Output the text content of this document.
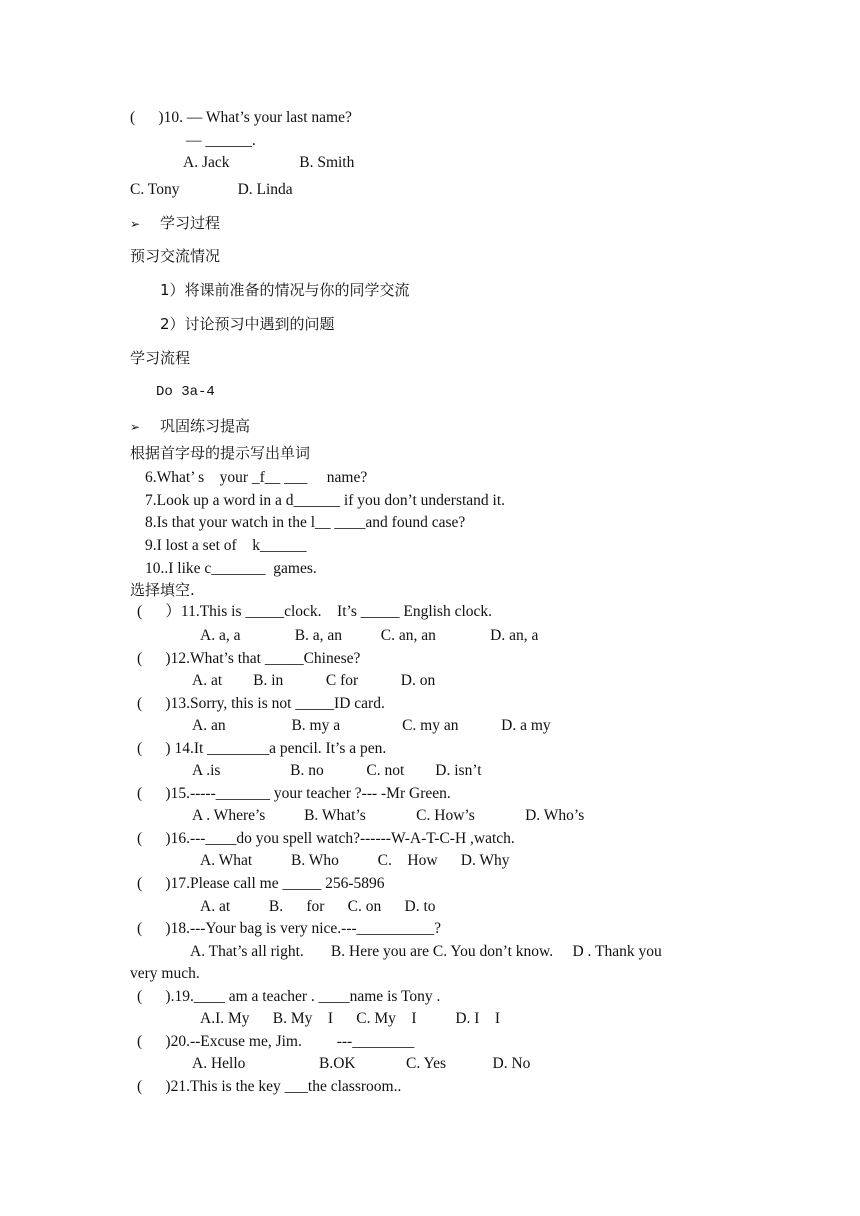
(      )10. — What’s your last name?
— ______.
A. Jack                  B. Smith
C. Tony               D. Linda
➢ 学习过程
预习交流情况
1）将课前准备的情况与你的同学交流
2）讨论预习中遇到的问题
学习流程
Do 3a-4
➢ 巩固练习提高
根据首字母的提示写出单词
6.What’ s    your _f__ ___     name?
7.Look up a word in a d______ if you don’t understand it.
8.Is that your watch in the l__ ____and found case?
9.I lost a set of    k______
10..I like c_______  games.
选择填空.
(      ）11.This is _____clock.    It’s _____ English clock.
A. a, a              B. a, an          C. an, an              D. an, a
(      )12.What’s that _____Chinese?
A. at        B. in           C for           D. on
(      )13.Sorry, this is not _____ID card.
A. an                 B. my a                C. my an           D. a my
(      ) 14.It ________a pencil. It’s a pen.
A .is                  B. no           C. not        D. isn’t
(      )15.-----_______ your teacher ?--- -Mr Green.
A . Where’s          B. What’s             C. How’s             D. Who’s
(      )16.---____do you spell watch?------W-A-T-C-H ,watch.
A. What          B. Who          C.    How      D. Why
(      )17.Please call me _____ 256-5896
A. at          B.      for      C. on      D. to
(      )18.---Your bag is very nice.---__________?
A. That’s all right.       B. Here you are C. You don’t know.     D . Thank you
very much.
(      ).19.____ am a teacher . ____name is Tony .
A.I. My      B. My    I      C. My    I          D. I    I
(      )20.--Excuse me, Jim.         ---________
A. Hello                   B.OK             C. Yes            D. No
(      )21.This is the key ___the classroom..
